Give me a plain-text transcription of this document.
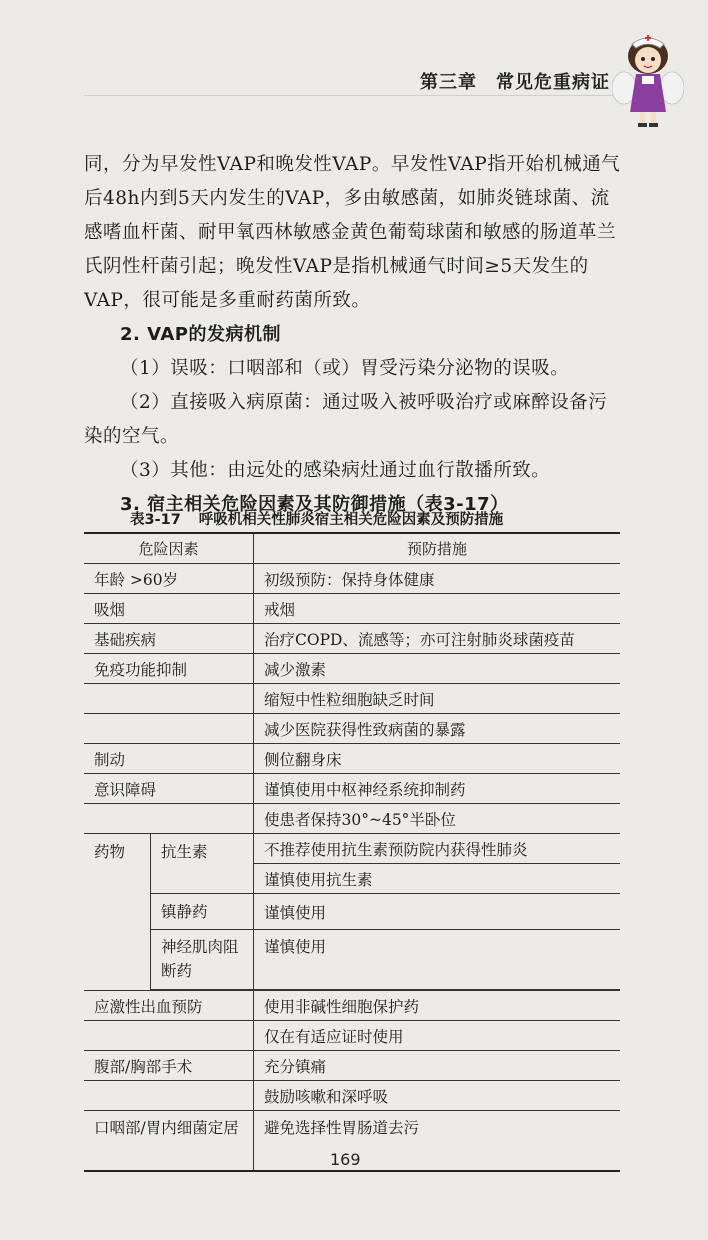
第三章　常见危重病证

同，分为早发性VAP和晚发性VAP。早发性VAP指开始机械通气后48h内到5天内发生的VAP，多由敏感菌，如肺炎链球菌、流感嗜血杆菌、耐甲氧西林敏感金黄色葡萄球菌和敏感的肠道革兰氏阴性杆菌引起；晚发性VAP是指机械通气时间≥5天发生的VAP，很可能是多重耐药菌所致。

2. VAP的发病机制

（1）误吸：口咽部和（或）胃受污染分泌物的误吸。

（2）直接吸入病原菌：通过吸入被呼吸治疗或麻醉设备污染的空气。

（3）其他：由远处的感染病灶通过血行散播所致。

3. 宿主相关危险因素及其防御措施（表3-17）

表3-17 呼吸机相关性肺炎宿主相关危险因素及预防措施
危险因素		预防措施
年龄 >60岁		初级预防：保持身体健康
吸烟		戒烟
基础疾病		治疗COPD、流感等；亦可注射肺炎球菌疫苗
免疫功能抑制		减少激素
		缩短中性粒细胞缺乏时间
		减少医院获得性致病菌的暴露
制动		侧位翻身床
意识障碍		谨慎使用中枢神经系统抑制药
		使患者保持30°~45°半卧位
药物	抗生素	不推荐使用抗生素预防院内获得性肺炎
		谨慎使用抗生素
	镇静药	谨慎使用
	神经肌肉阻断药	谨慎使用

应激性出血预防		使用非碱性细胞保护药
		仅在有适应证时使用
腹部/胸部手术		充分镇痛
		鼓励咳嗽和深呼吸
口咽部/胃内细菌定居		避免选择性胃肠道去污
169
